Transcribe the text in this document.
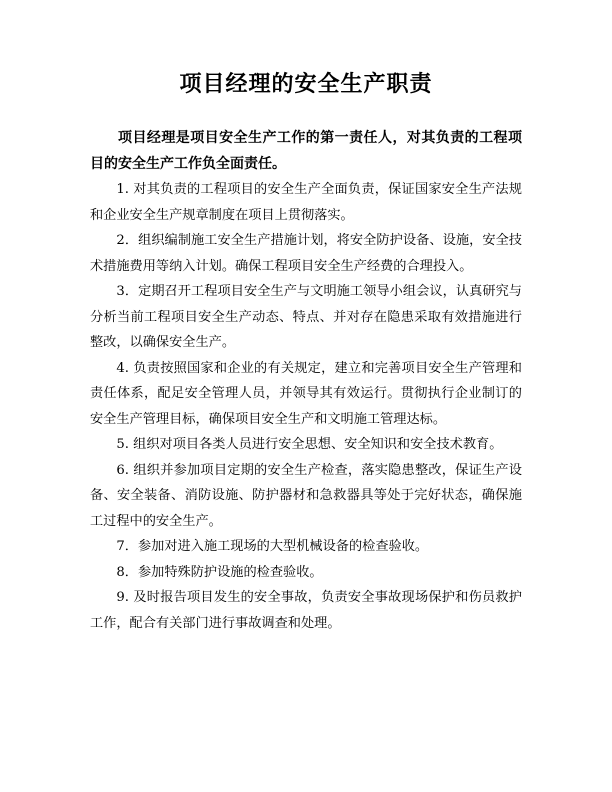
项目经理的安全生产职责

项目经理是项目安全生产工作的第一责任人，对其负责的工程项目的安全生产工作负全面责任。

1. 对其负责的工程项目的安全生产全面负责，保证国家安全生产法规和企业安全生产规章制度在项目上贯彻落实。

2．组织编制施工安全生产措施计划，将安全防护设备、设施，安全技术措施费用等纳入计划。确保工程项目安全生产经费的合理投入。

3．定期召开工程项目安全生产与文明施工领导小组会议，认真研究与分析当前工程项目安全生产动态、特点、并对存在隐患采取有效措施进行整改，以确保安全生产。

4. 负责按照国家和企业的有关规定，建立和完善项目安全生产管理和责任体系，配足安全管理人员，并领导其有效运行。贯彻执行企业制订的安全生产管理目标，确保项目安全生产和文明施工管理达标。

5. 组织对项目各类人员进行安全思想、安全知识和安全技术教育。

6. 组织并参加项目定期的安全生产检查，落实隐患整改，保证生产设备、安全装备、消防设施、防护器材和急救器具等处于完好状态，确保施工过程中的安全生产。

7．参加对进入施工现场的大型机械设备的检查验收。

8．参加特殊防护设施的检查验收。

9. 及时报告项目发生的安全事故，负责安全事故现场保护和伤员救护工作，配合有关部门进行事故调查和处理。
